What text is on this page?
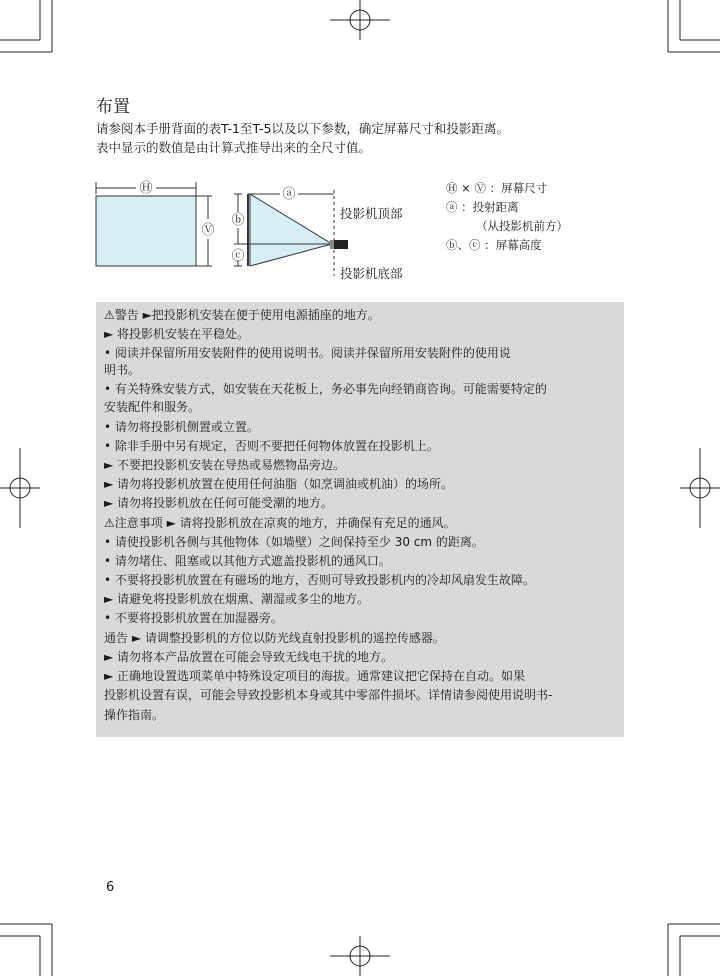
布置
请参阅本手册背面的表T-1至T-5以及以下参数，确定屏幕尺寸和投影距离。
表中显示的数值是由计算式推导出来的全尺寸值。
Ⓗ
Ⓥ
ⓐ
ⓑ
ⓒ
投影机顶部
投影机底部
Ⓗ × Ⓥ ：屏幕尺寸
ⓐ ：投射距离
（从投影机前方）
ⓑ、ⓒ ：屏幕高度
⚠警告 ►把投影机安装在便于使用电源插座的地方。
► 将投影机安装在平稳处。
• 阅读并保留所用安装附件的使用说明书。阅读并保留所用安装附件的使用说
明书。
• 有关特殊安装方式，如安装在天花板上，务必事先向经销商咨询。可能需要特定的
安装配件和服务。
• 请勿将投影机侧置或立置。
• 除非手册中另有规定，否则不要把任何物体放置在投影机上。
► 不要把投影机安装在导热或易燃物品旁边。
► 请勿将投影机放置在使用任何油脂（如烹调油或机油）的场所。
► 请勿将投影机放在任何可能受潮的地方。
⚠注意事项 ► 请将投影机放在凉爽的地方，并确保有充足的通风。
• 请使投影机各侧与其他物体（如墙壁）之间保持至少 30 cm 的距离。
• 请勿堵住、阻塞或以其他方式遮盖投影机的通风口。
• 不要将投影机放置在有磁场的地方，否则可导致投影机内的冷却风扇发生故障。
► 请避免将投影机放在烟熏、潮湿或多尘的地方。
• 不要将投影机放置在加湿器旁。
通告 ► 请调整投影机的方位以防光线直射投影机的遥控传感器。
► 请勿将本产品放置在可能会导致无线电干扰的地方。
► 正确地设置选项菜单中特殊设定项目的海拔。通常建议把它保持在自动。如果
投影机设置有误，可能会导致投影机本身或其中零部件损坏。详情请参阅使用说明书-
操作指南。
6
